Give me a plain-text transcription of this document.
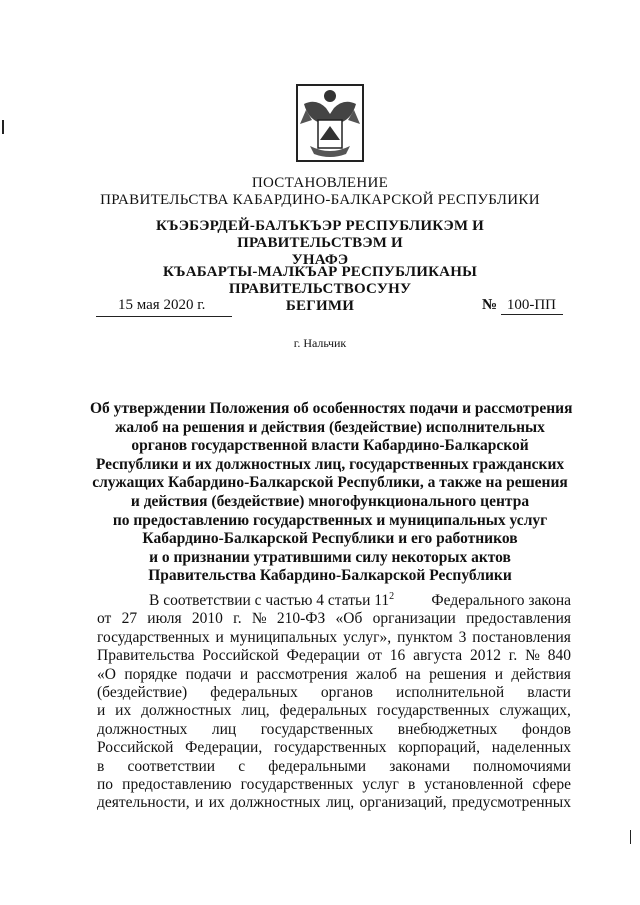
ПОСТАНОВЛЕНИЕ
ПРАВИТЕЛЬСТВА КАБАРДИНО-БАЛКАРСКОЙ РЕСПУБЛИКИ
КЪЭБЭРДЕЙ-БАЛЪКЪЭР РЕСПУБЛИКЭМ И ПРАВИТЕЛЬСТВЭМ И
УНАФЭ
КЪАБАРТЫ-МАЛКЪАР РЕСПУБЛИКАНЫ ПРАВИТЕЛЬСТВОСУНУ
БЕГИМИ
15 мая 2020 г.	№ 100-ПП
г. Нальчик
Об утверждении Положения об особенностях подачи и рассмотрения
жалоб на решения и действия (бездействие) исполнительных
органов государственной власти Кабардино-Балкарской
Республики и их должностных лиц, государственных гражданских
служащих Кабардино-Балкарской Республики, а также на решения
и действия (бездействие) многофункционального центра
по предоставлению государственных и муниципальных услуг
Кабардино-Балкарской Республики и его работников
и о признании утратившими силу некоторых актов
Правительства Кабардино-Балкарской Республики
В соответствии с частью 4 статьи $11^2$ Федерального закона
от 27 июля 2010 г. № 210-ФЗ «Об организации предоставления
государственных и муниципальных услуг», пунктом 3 постановления
Правительства Российской Федерации от 16 августа 2012 г. № 840
«О порядке подачи и рассмотрения жалоб на решения и действия
(бездействие) федеральных органов исполнительной власти
и их должностных лиц, федеральных государственных служащих,
должностных лиц государственных внебюджетных фондов
Российской Федерации, государственных корпораций, наделенных
в соответствии с федеральными законами полномочиями
по предоставлению государственных услуг в установленной сфере
деятельности, и их должностных лиц, организаций, предусмотренных
